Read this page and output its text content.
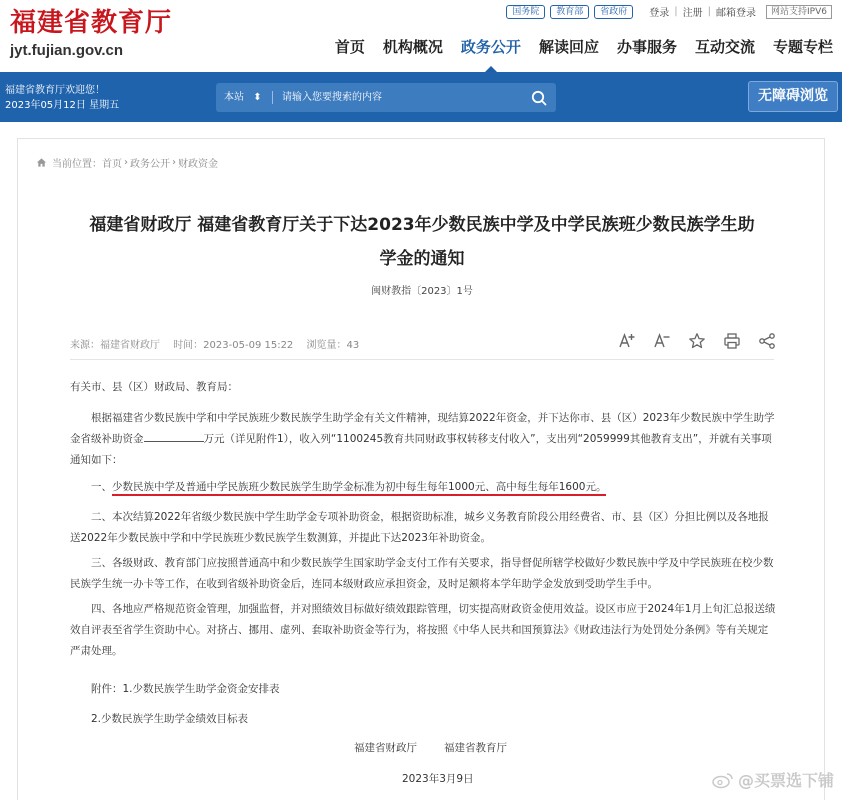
福建省教育厅
jyt.fujian.gov.cn
国务院	教育部	省政府	登录 | 注册 | 邮箱登录	网站支持IPV6
首页	机构概况	政务公开	解读回应	办事服务	互动交流	专题专栏
福建省教育厅欢迎您！
2023年05月12日 星期五
本站 ⬍
请输入您要搜索的内容	无障碍浏览
当前位置： 首页 › 政务公开 › 财政资金
福建省财政厅 福建省教育厅关于下达2023年少数民族中学及中学民族班少数民族学生助
学金的通知
闽财教指〔2023〕1号
来源：福建省财政厅 时间：2023-05-09 15:22 浏览量：43
有关市、县（区）财政局、教育局：
根据福建省少数民族中学和中学民族班少数民族学生助学金有关文件精神，现结算2022年资金，并下达你市、县（区）2023年少数民族中学生助学金省级补助资金	万元（详见附件1），收入列“1100245教育共同财政事权转移支付收入”，支出列“2059999其他教育支出”，并就有关事项通知如下：
一、少数民族中学及普通中学民族班少数民族学生助学金标准为初中每生每年1000元、高中每生每年1600元。
二、本次结算2022年省级少数民族中学生助学金专项补助资金，根据资助标准，城乡义务教育阶段公用经费省、市、县（区）分担比例以及各地报送2022年少数民族中学和中学民族班少数民族学生数测算，并提此下达2023年补助资金。
三、各级财政、教育部门应按照普通高中和少数民族学生国家助学金支付工作有关要求，指导督促所辖学校做好少数民族中学及中学民族班在校少数民族学生统一办卡等工作，在收到省级补助资金后，连同本级财政应承担资金，及时足额将本学年助学金发放到受助学生手中。
四、各地应严格规范资金管理，加强监督，并对照绩效目标做好绩效跟踪管理，切实提高财政资金使用效益。设区市应于2024年1月上旬汇总报送绩效自评表至省学生资助中心。对挤占、挪用、虚列、套取补助资金等行为，将按照《中华人民共和国预算法》《财政违法行为处罚处分条例》等有关规定严肃处理。
附件：1.少数民族学生助学金资金安排表
2.少数民族学生助学金绩效目标表
福建省财政厅	福建省教育厅
2023年3月9日	@买票选下铺
